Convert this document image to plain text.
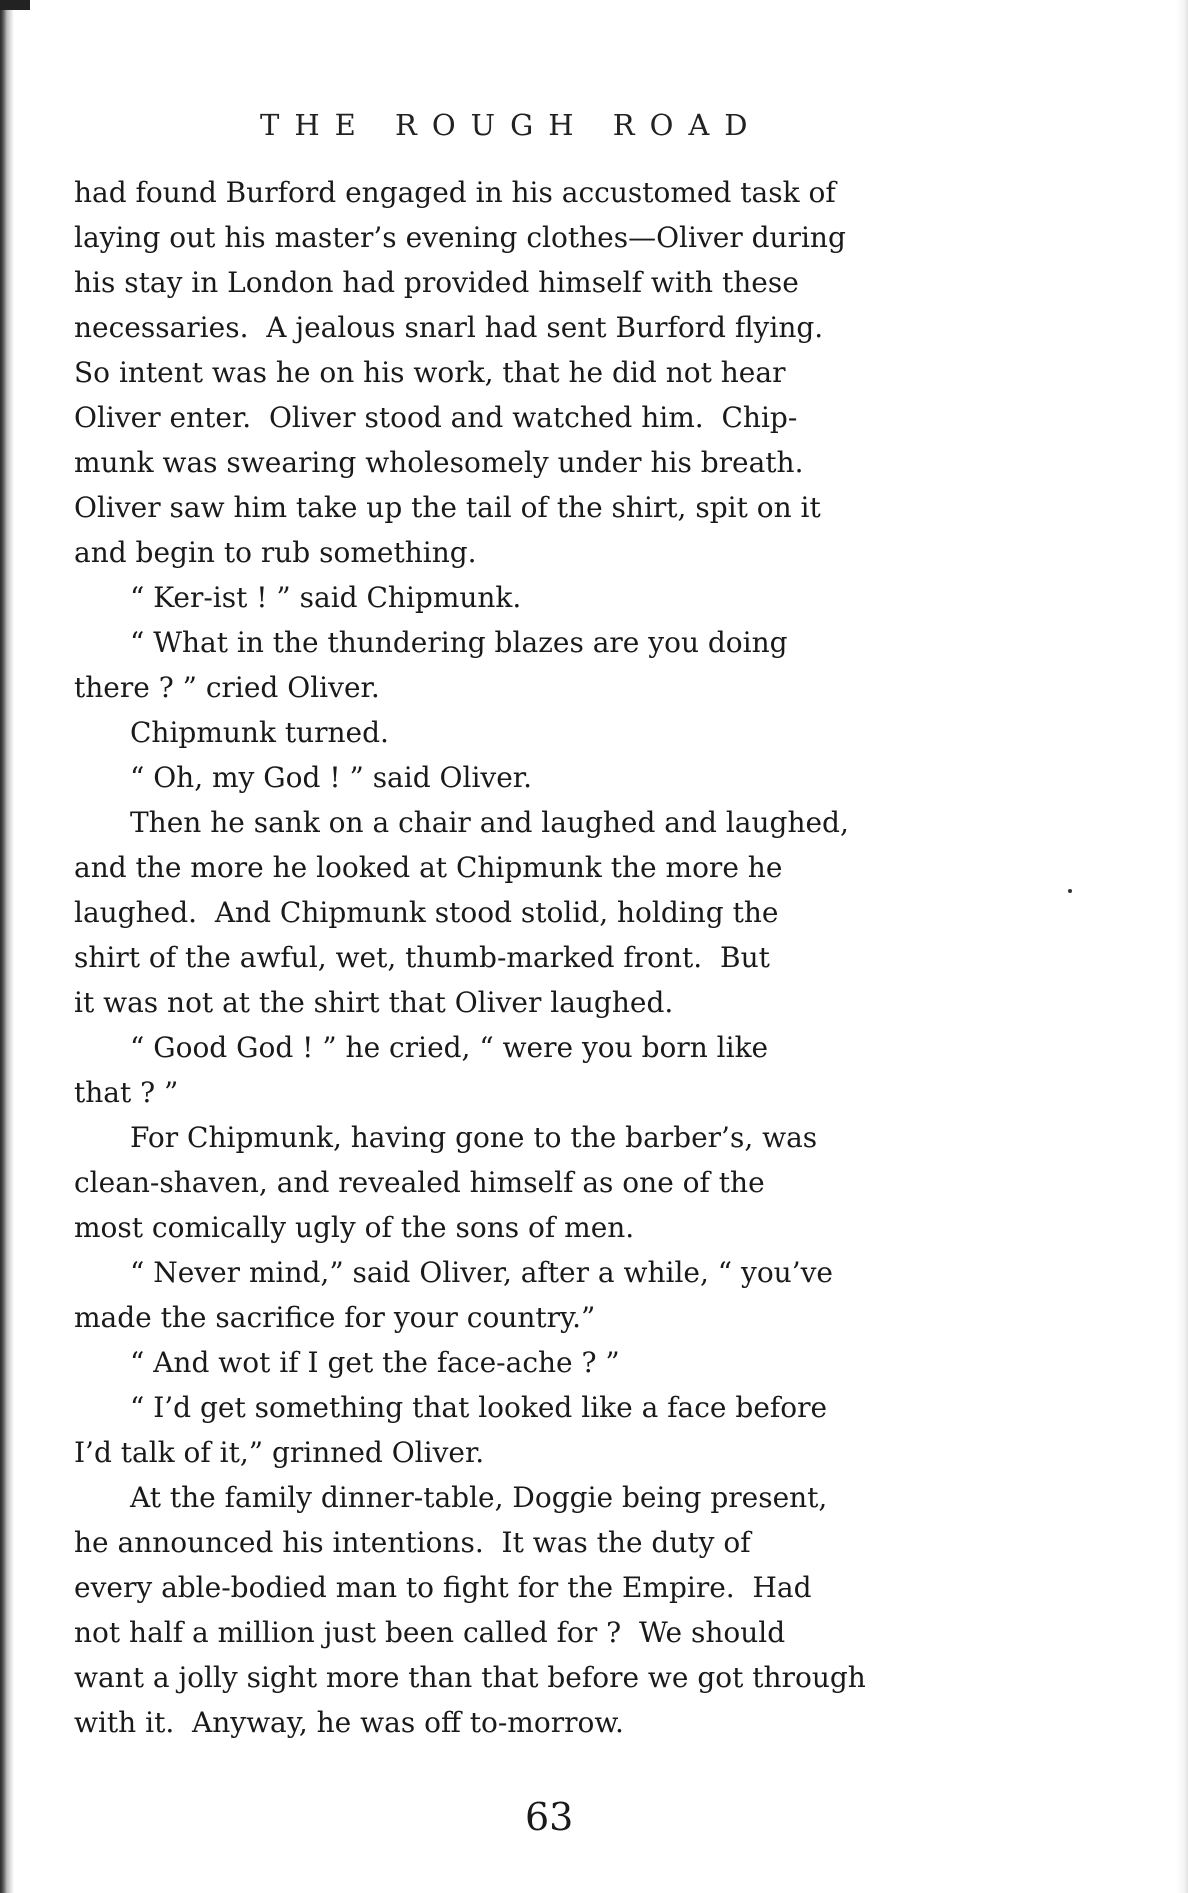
THE ROUGH ROAD
had found Burford engaged in his accustomed task of
laying out his master’s evening clothes—Oliver during
his stay in London had provided himself with these
necessaries.  A jealous snarl had sent Burford flying.
So intent was he on his work, that he did not hear
Oliver enter.  Oliver stood and watched him.  Chip-
munk was swearing wholesomely under his breath.
Oliver saw him take up the tail of the shirt, spit on it
and begin to rub something.
  “ Ker-ist ! ” said Chipmunk.
  “ What in the thundering blazes are you doing
there ? ” cried Oliver.
  Chipmunk turned.
  “ Oh, my God ! ” said Oliver.
  Then he sank on a chair and laughed and laughed,
and the more he looked at Chipmunk the more he
laughed.  And Chipmunk stood stolid, holding the
shirt of the awful, wet, thumb-marked front.  But
it was not at the shirt that Oliver laughed.
  “ Good God ! ” he cried, “ were you born like
that ? ”
  For Chipmunk, having gone to the barber’s, was
clean-shaven, and revealed himself as one of the
most comically ugly of the sons of men.
  “ Never mind,” said Oliver, after a while, “ you’ve
made the sacrifice for your country.”
  “ And wot if I get the face-ache ? ”
  “ I’d get something that looked like a face before
I’d talk of it,” grinned Oliver.
  At the family dinner-table, Doggie being present,
he announced his intentions.  It was the duty of
every able-bodied man to fight for the Empire.  Had
not half a million just been called for ?  We should
want a jolly sight more than that before we got through
with it.  Anyway, he was off to-morrow.
63
